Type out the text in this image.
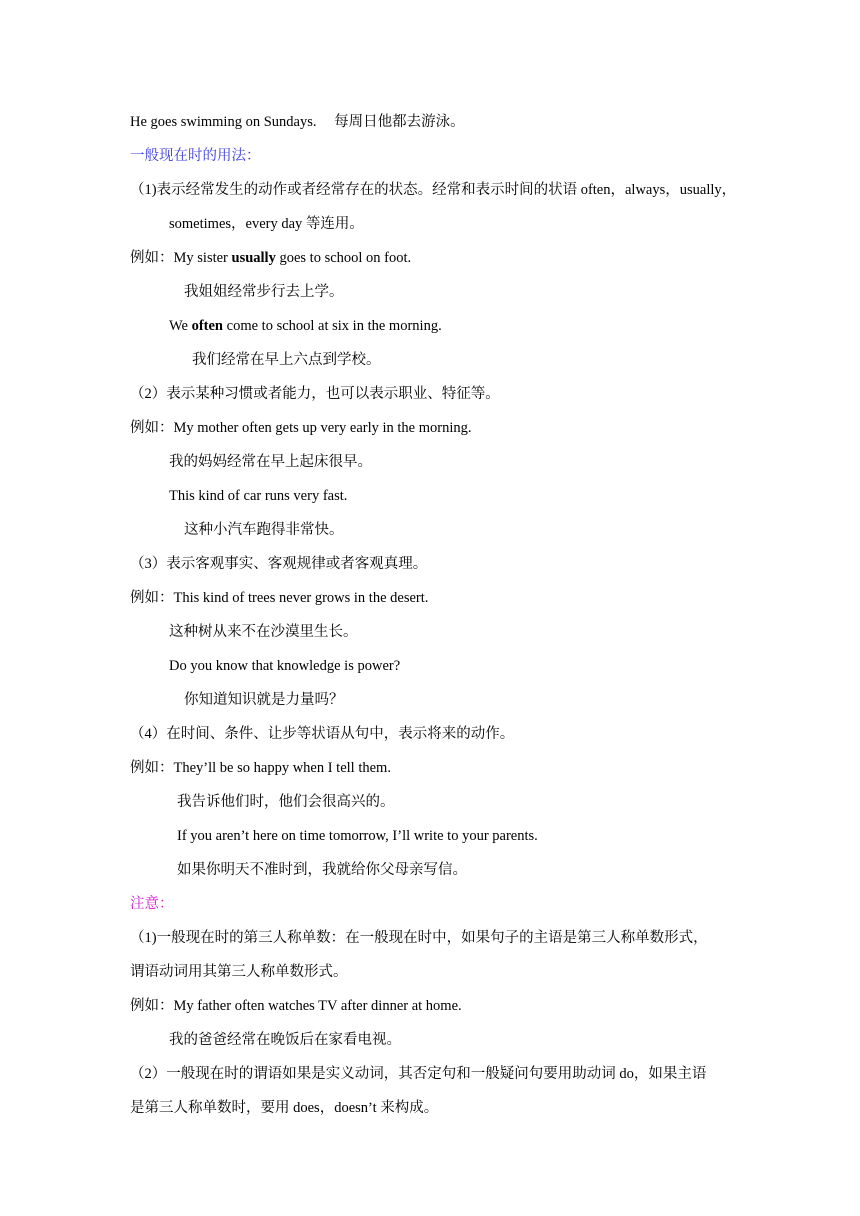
He goes swimming on Sundays. 每周日他都去游泳。
一般现在时的用法：
（1)表示经常发生的动作或者经常存在的状态。经常和表示时间的状语 often，always，usually，
sometimes，every day 等连用。
例如：My sister usually goes to school on foot.
我姐姐经常步行去上学。
We often come to school at six in the morning.
我们经常在早上六点到学校。
（2）表示某种习惯或者能力，也可以表示职业、特征等。
例如：My mother often gets up very early in the morning.
我的妈妈经常在早上起床很早。
This kind of car runs very fast.
这种小汽车跑得非常快。
（3）表示客观事实、客观规律或者客观真理。
例如：This kind of trees never grows in the desert.
这种树从来不在沙漠里生长。
Do you know that knowledge is power?
你知道知识就是力量吗？
（4）在时间、条件、让步等状语从句中，表示将来的动作。
例如：They’ll be so happy when I tell them.
我告诉他们时，他们会很高兴的。
If you aren’t here on time tomorrow, I’ll write to your parents.
如果你明天不准时到，我就给你父母亲写信。
注意：
（1)一般现在时的第三人称单数：在一般现在时中，如果句子的主语是第三人称单数形式，
谓语动词用其第三人称单数形式。
例如：My father often watches TV after dinner at home.
我的爸爸经常在晚饭后在家看电视。
（2）一般现在时的谓语如果是实义动词，其否定句和一般疑问句要用助动词 do，如果主语
是第三人称单数时，要用 does，doesn’t 来构成。
